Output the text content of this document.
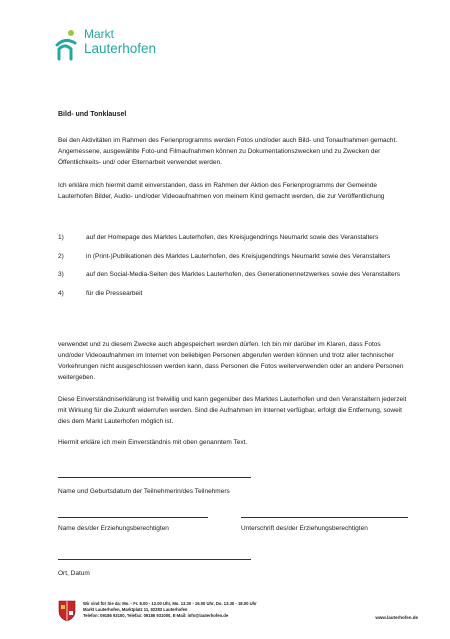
Markt
Lauterhofen
Bild- und Tonklausel
Bei den Aktivitäten im Rahmen des Ferienprogramms werden Fotos und/oder auch Bild- und Tonaufnahmen gemacht. Angemessene, ausgewählte Foto-und Filmaufnahmen können zu Dokumentationszwecken und zu Zwecken der Öffentlichkeits- und/ oder Elternarbeit verwendet werden.
Ich erkläre mich hiermit damit einverstanden, dass im Rahmen der Aktion des Ferienprogramms der Gemeinde Lauterhofen Bilder, Audio- und/oder Videoaufnahmen von meinem Kind gemacht werden, die zur Veröffentlichung
1)	auf der Homepage des Marktes Lauterhofen, des Kreisjugendrings Neumarkt sowie des Veranstalters
2)	in (Print-)Publikationen des Marktes Lauterhofen, des Kreisjugendrings Neumarkt sowie des Veranstalters
3)	auf den Social-Media-Seiten des Marktes Lauterhofen, des Generationennetzwerkes sowie des Veranstalters
4)	für die Pressearbeit
verwendet und zu diesem Zwecke auch abgespeichert werden dürfen. Ich bin mir darüber im Klaren, dass Fotos und/oder Videoaufnahmen im Internet von beliebigen Personen abgerufen werden können und trotz aller technischer Vorkehrungen nicht ausgeschlossen werden kann, dass Personen die Fotos weiterverwenden oder an andere Personen weitergeben.
Diese Einverständniserklärung ist freiwillig und kann gegenüber des Marktes Lauterhofen und den Veranstaltern jederzeit mit Wirkung für die Zukunft widerrufen werden. Sind die Aufnahmen im Internet verfügbar, erfolgt die Entfernung, soweit dies dem Markt Lauterhofen möglich ist.
Hiermit erkläre ich mein Einverständnis mit oben genanntem Text.
Name und Geburtsdatum der Teilnehmerin/des Teilnehmers
Name des/der Erziehungsberechtigten	Unterschrift des/der Erziehungsberechtigten
Ort, Datum
Wir sind für Sie da: Mo. - Fr. 8.00 - 12.00 Uhr, Mo. 13.30 - 16.00 Uhr, Do. 13.30 - 18.00 Uhr
Markt Lauterhofen, Marktplatz 11, 92283 Lauterhofen
Telefon: 09186 93100, Telefax: 09186 931000, E-Mail: info@lauterhofen.de	www.lauterhofen.de
